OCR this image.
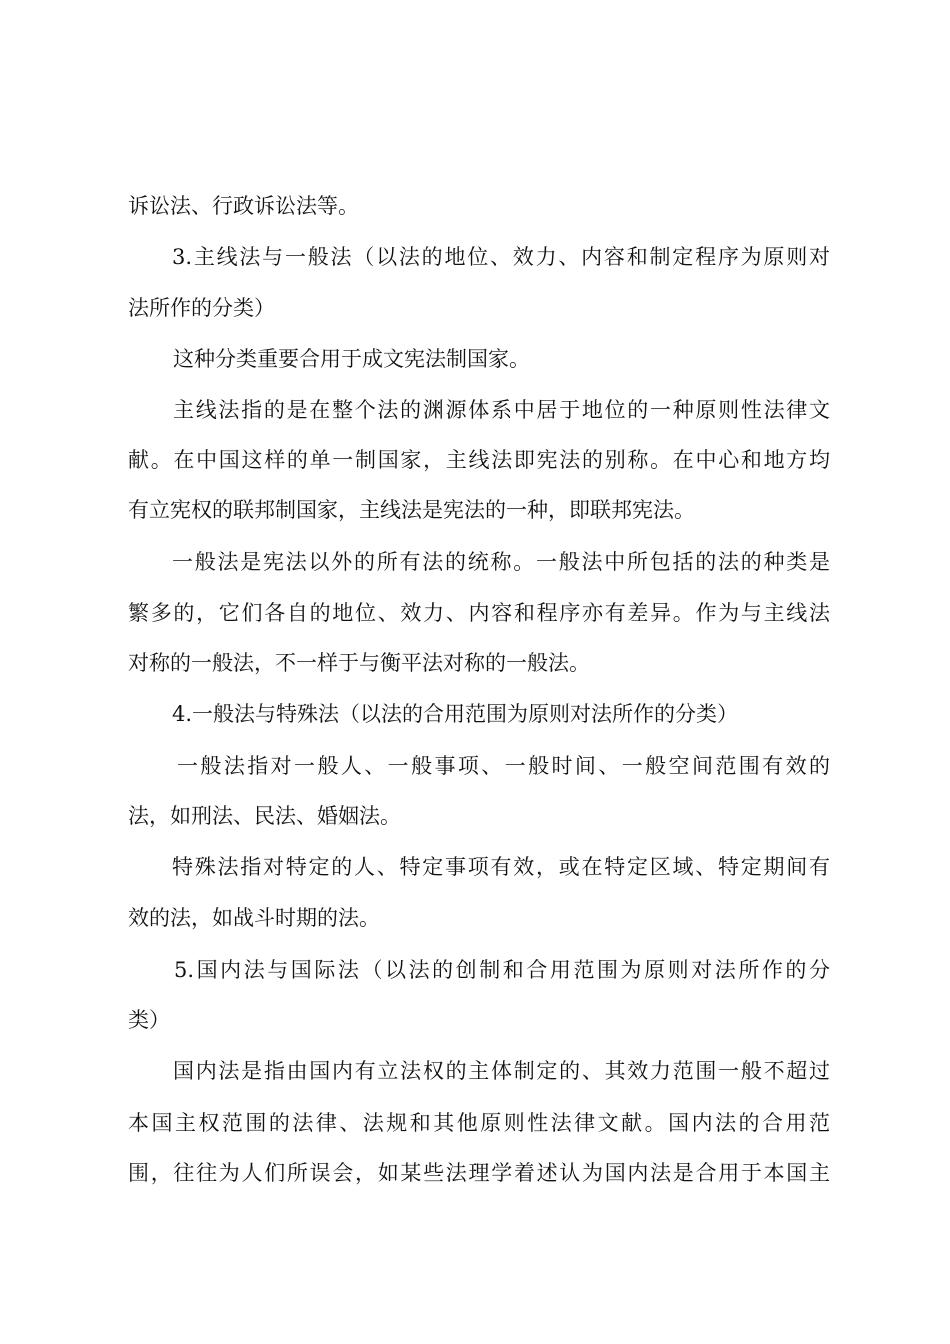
诉讼法、行政诉讼法等。
3.主线法与一般法（以法的地位、效力、内容和制定程序为原则对
法所作的分类）
这种分类重要合用于成文宪法制国家。
主线法指的是在整个法的渊源体系中居于地位的一种原则性法律文
献。在中国这样的单一制国家，主线法即宪法的别称。在中心和地方均
有立宪权的联邦制国家，主线法是宪法的一种，即联邦宪法。
一般法是宪法以外的所有法的统称。一般法中所包括的法的种类是
繁多的，它们各自的地位、效力、内容和程序亦有差异。作为与主线法
对称的一般法，不一样于与衡平法对称的一般法。
4.一般法与特殊法（以法的合用范围为原则对法所作的分类）
一般法指对一般人、一般事项、一般时间、一般空间范围有效的
法，如刑法、民法、婚姻法。
特殊法指对特定的人、特定事项有效，或在特定区域、特定期间有
效的法，如战斗时期的法。
5.国内法与国际法（以法的创制和合用范围为原则对法所作的分
类）
国内法是指由国内有立法权的主体制定的、其效力范围一般不超过
本国主权范围的法律、法规和其他原则性法律文献。国内法的合用范
围，往往为人们所误会，如某些法理学着述认为国内法是合用于本国主
